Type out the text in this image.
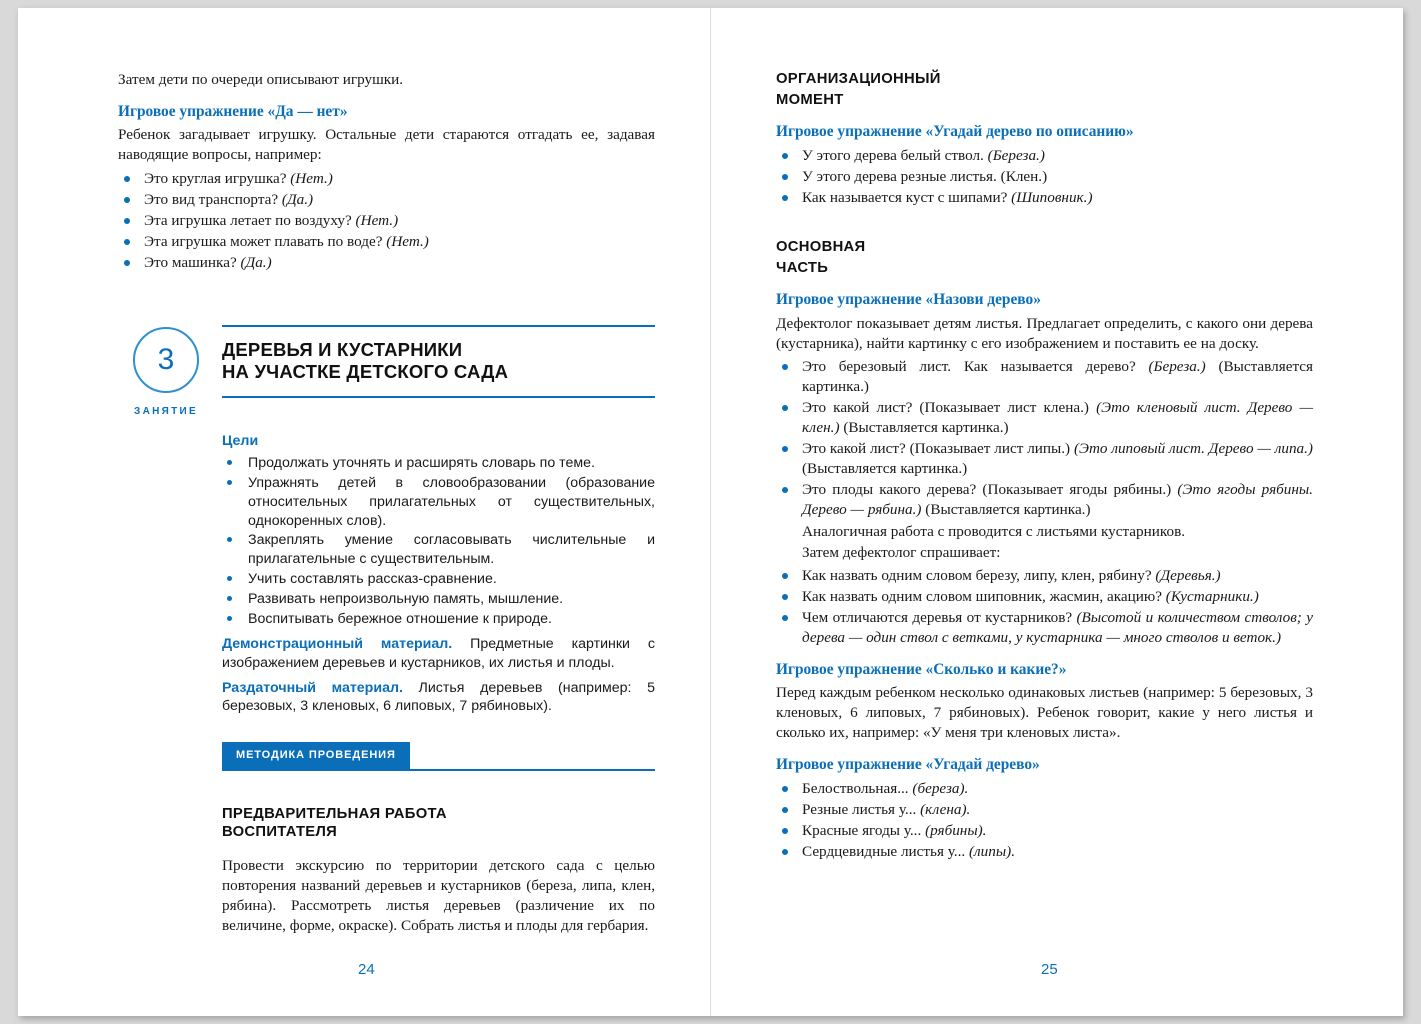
Затем дети по очереди описывают игрушки.

Игровое упражнение «Да — нет»

Ребенок загадывает игрушку. Остальные дети стараются отгадать ее, задавая наводящие вопросы, например:

Это круглая игрушка? (Нет.)
Это вид транспорта? (Да.)
Эта игрушка летает по воздуху? (Нет.)
Эта игрушка может плавать по воде? (Нет.)
Это машинка? (Да.)
3
ЗАНЯТИЕ
ДЕРЕВЬЯ И КУСТАРНИКИ
НА УЧАСТКЕ ДЕТСКОГО САДА
Цели
Продолжать уточнять и расширять словарь по теме.
Упражнять детей в словообразовании (образование относительных прилагательных от существительных, однокоренных слов).
Закреплять умение согласовывать числительные и прилагательные с существительным.
Учить составлять рассказ-сравнение.
Развивать непроизвольную память, мышление.
Воспитывать бережное отношение к природе.
Демонстрационный материал. Предметные картинки с изображением деревьев и кустарников, их листья и плоды.
Раздаточный материал. Листья деревьев (например: 5 березовых, 3 кленовых, 6 липовых, 7 рябиновых).
МЕТОДИКА ПРОВЕДЕНИЯ
ПРЕДВАРИТЕЛЬНАЯ РАБОТА
ВОСПИТАТЕЛЯ

Провести экскурсию по территории детского сада с целью повторения названий деревьев и кустарников (береза, липа, клен, рябина). Рассмотреть листья деревьев (различение их по величине, форме, окраске). Собрать листья и плоды для гербария.

24
ОРГАНИЗАЦИОННЫЙ
МОМЕНТ
Игровое упражнение «Угадай дерево по описанию»
У этого дерева белый ствол. (Береза.)
У этого дерева резные листья. (Клен.)
Как называется куст с шипами? (Шиповник.)
ОСНОВНАЯ
ЧАСТЬ
Игровое упражнение «Назови дерево»

Дефектолог показывает детям листья. Предлагает определить, с какого они дерева (кустарника), найти картинку с его изображением и поставить ее на доску.

Это березовый лист. Как называется дерево? (Береза.) (Выставляется картинка.)
Это какой лист? (Показывает лист клена.) (Это кленовый лист. Дерево — клен.) (Выставляется картинка.)
Это какой лист? (Показывает лист липы.) (Это липовый лист. Дерево — липа.) (Выставляется картинка.)
Это плоды какого дерева? (Показывает ягоды рябины.) (Это ягоды рябины. Дерево — рябина.) (Выставляется картинка.)
Аналогичная работа с проводится с листьями кустарников.
Затем дефектолог спрашивает:
Как назвать одним словом березу, липу, клен, рябину? (Деревья.)
Как назвать одним словом шиповник, жасмин, акацию? (Кустарники.)
Чем отличаются деревья от кустарников? (Высотой и количеством стволов; у дерева — один ствол с ветками, у кустарника — много стволов и веток.)
Игровое упражнение «Сколько и какие?»

Перед каждым ребенком несколько одинаковых листьев (например: 5 березовых, 3 кленовых, 6 липовых, 7 рябиновых). Ребенок говорит, какие у него листья и сколько их, например: «У меня три кленовых листа».

Игровое упражнение «Угадай дерево»
Белоствольная... (береза).
Резные листья у... (клена).
Красные ягоды у... (рябины).
Сердцевидные листья у... (липы).
25
